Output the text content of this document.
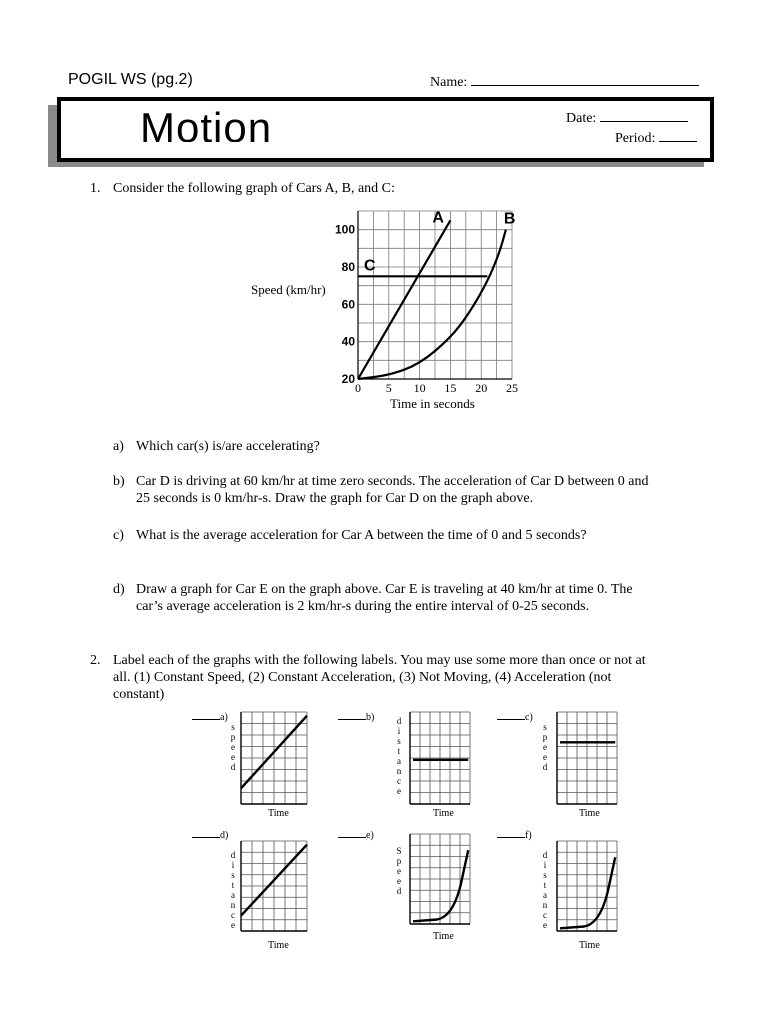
POGIL WS (pg.2)	Name:
Motion	Date:
Period:
1. Consider the following graph of Cars A, B, and C:
Speed (km/hr)
Time in seconds
0 5 10 15 20 25
20
40
60
80
100
A	B
C
a) Which car(s) is/are accelerating?
b) Car D is driving at 60 km/hr at time zero seconds. The acceleration of Car D between 0 and
25 seconds is 0 km/hr-s. Draw the graph for Car D on the graph above.
c) What is the average acceleration for Car A between the time of 0 and 5 seconds?
d) Draw a graph for Car E on the graph above. Car E is traveling at 40 km/hr at time 0. The
car’s average acceleration is 2 km/hr-s during the entire interval of 0-25 seconds.
2. Label each of the graphs with the following labels. You may use some more than once or not at
all. (1) Constant Speed, (2) Constant Acceleration, (3) Not Moving, (4) Acceleration (not
constant)
a)
s
p
e
e
d
Time
b)	d
i
s
t
a
n
c
e
Time
c)
s
p
e
e
d
Time
d)
d
i
s
t
a
n
c
e
Time
e)
S
p
e
e
d
Time
f)
d
i
s
t
a
n
c
e
Time
